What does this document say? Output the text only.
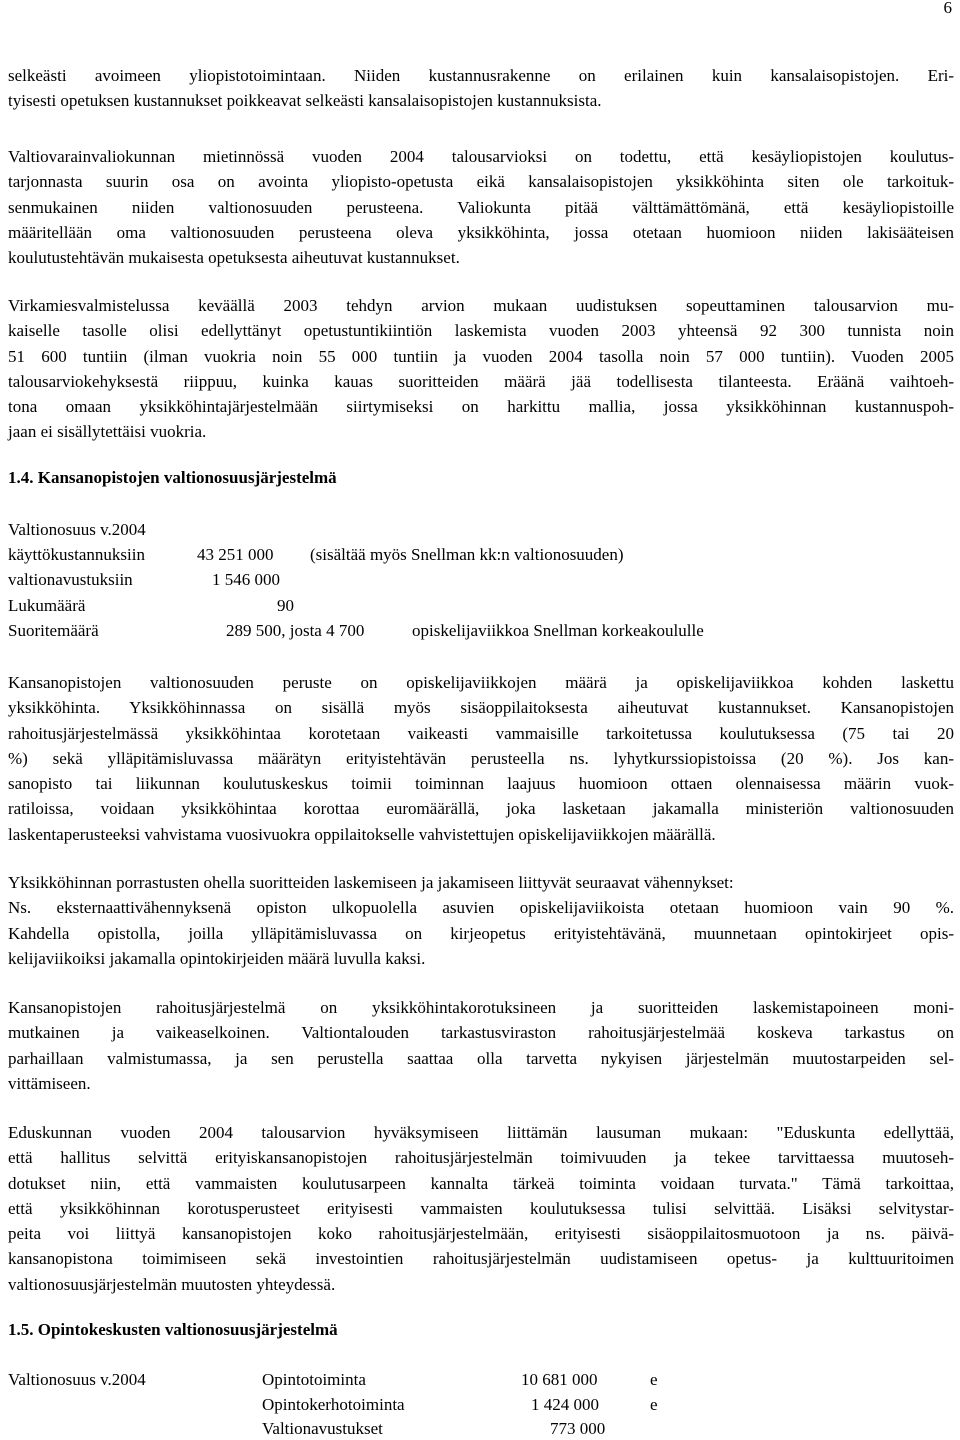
6
selkeästi avoimeen yliopistotoimintaan. Niiden kustannusrakenne on erilainen kuin kansalaisopistojen. Eri-
tyisesti opetuksen kustannukset poikkeavat selkeästi kansalaisopistojen kustannuksista.
Valtiovarainvaliokunnan mietinnössä vuoden 2004 talousarvioksi on todettu, että kesäyliopistojen koulutus-
tarjonnasta suurin osa on avointa yliopisto-opetusta eikä kansalaisopistojen yksikköhinta siten ole tarkoituk-
senmukainen niiden valtionosuuden perusteena. Valiokunta pitää välttämättömänä, että kesäyliopistoille
määritellään oma valtionosuuden perusteena oleva yksikköhinta, jossa otetaan huomioon niiden lakisääteisen
koulutustehtävän mukaisesta opetuksesta aiheutuvat kustannukset.
Virkamiesvalmistelussa keväällä 2003 tehdyn arvion mukaan uudistuksen sopeuttaminen talousarvion mu-
kaiselle tasolle olisi edellyttänyt opetustuntikiintiön laskemista vuoden 2003 yhteensä 92 300 tunnista noin
51 600 tuntiin (ilman vuokria noin 55 000 tuntiin ja vuoden 2004 tasolla noin 57 000 tuntiin). Vuoden 2005
talousarviokehyksestä riippuu, kuinka kauas suoritteiden määrä jää todellisesta tilanteesta. Eräänä vaihtoeh-
tona omaan yksikköhintajärjestelmään siirtymiseksi on harkittu mallia, jossa yksikköhinnan kustannuspoh-
jaan ei sisällytettäisi vuokria.
1.4. Kansanopistojen valtionosuusjärjestelmä
Valtionosuus v.2004
käyttökustannuksiin	43 251 000 (sisältää myös Snellman kk:n valtionosuuden)
valtionavustuksiin	1 546 000
Lukumäärä	90
Suoritemäärä	289 500, josta 4 700	opiskelijaviikkoa Snellman korkeakoululle
Kansanopistojen valtionosuuden peruste on opiskelijaviikkojen määrä ja opiskelijaviikkoa kohden laskettu
yksikköhinta. Yksikköhinnassa on sisällä myös sisäoppilaitoksesta aiheutuvat kustannukset. Kansanopistojen
rahoitusjärjestelmässä yksikköhintaa korotetaan vaikeasti vammaisille tarkoitetussa koulutuksessa (75 tai 20
%) sekä ylläpitämisluvassa määrätyn erityistehtävän perusteella ns. lyhytkurssiopistoissa (20 %). Jos kan-
sanopisto tai liikunnan koulutuskeskus toimii toiminnan laajuus huomioon ottaen olennaisessa määrin vuok-
ratiloissa, voidaan yksikköhintaa korottaa euromäärällä, joka lasketaan jakamalla ministeriön valtionosuuden
laskentaperusteeksi vahvistama vuosivuokra oppilaitokselle vahvistettujen opiskelijaviikkojen määrällä.
Yksikköhinnan porrastusten ohella suoritteiden laskemiseen ja jakamiseen liittyvät seuraavat vähennykset:
Ns. eksternaattivähennyksenä opiston ulkopuolella asuvien opiskelijaviikoista otetaan huomioon vain 90 %.
Kahdella opistolla, joilla ylläpitämisluvassa on kirjeopetus erityistehtävänä, muunnetaan opintokirjeet opis-
kelijaviikoiksi jakamalla opintokirjeiden määrä luvulla kaksi.
Kansanopistojen rahoitusjärjestelmä on yksikköhintakorotuksineen ja suoritteiden laskemistapoineen moni-
mutkainen ja vaikeaselkoinen. Valtiontalouden tarkastusviraston rahoitusjärjestelmää koskeva tarkastus on
parhaillaan valmistumassa, ja sen perustella saattaa olla tarvetta nykyisen järjestelmän muutostarpeiden sel-
vittämiseen.
Eduskunnan vuoden 2004 talousarvion hyväksymiseen liittämän lausuman mukaan: "Eduskunta edellyttää,
että hallitus selvittä erityiskansanopistojen rahoitusjärjestelmän toimivuuden ja tekee tarvittaessa muutoseh-
dotukset niin, että vammaisten koulutusarpeen kannalta tärkeä toiminta voidaan turvata." Tämä tarkoittaa,
että yksikköhinnan korotusperusteet erityisesti vammaisten koulutuksessa tulisi selvittää. Lisäksi selvitystar-
peita voi liittyä kansanopistojen koko rahoitusjärjestelmään, erityisesti sisäoppilaitosmuotoon ja ns. päivä-
kansanopistona toimimiseen sekä investointien rahoitusjärjestelmän uudistamiseen opetus- ja kulttuuritoimen
valtionosuusjärjestelmän muutosten yhteydessä.
1.5. Opintokeskusten valtionosuusjärjestelmä
Valtionosuus v.2004	Opintotoiminta	10 681 000	e
Opintokerhotoiminta	1 424 000	e
Valtionavustukset	773 000
